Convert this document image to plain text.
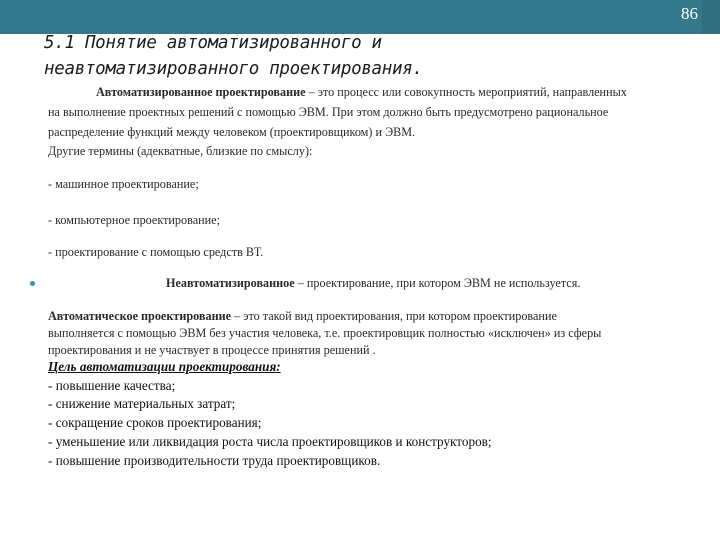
86
5.1 Понятие автоматизированного и
неавтоматизированного проектирования.
Автоматизированное проектирование – это процесс или совокупность мероприятий, направленных
на выполнение проектных решений с помощью ЭВМ. При этом должно быть предусмотрено рациональное
распределение функций между человеком (проектировщиком) и ЭВМ.
Другие термины (адекватные, близкие по смыслу):
- машинное проектирование;
- компьютерное проектирование;
- проектирование с помощью средств ВТ.
Неавтоматизированное – проектирование, при котором ЭВМ не используется.
Автоматическое проектирование – это такой вид проектирования, при котором проектирование
выполняется с помощью ЭВМ без участия человека, т.е. проектировщик полностью «исключен» из сферы
проектирования и не участвует в процессе принятия решений .
Цель автоматизации проектирования:
- повышение качества;
- снижение материальных затрат;
- сокращение сроков проектирования;
- уменьшение или ликвидация роста числа проектировщиков и конструкторов;
- повышение производительности труда проектировщиков.
